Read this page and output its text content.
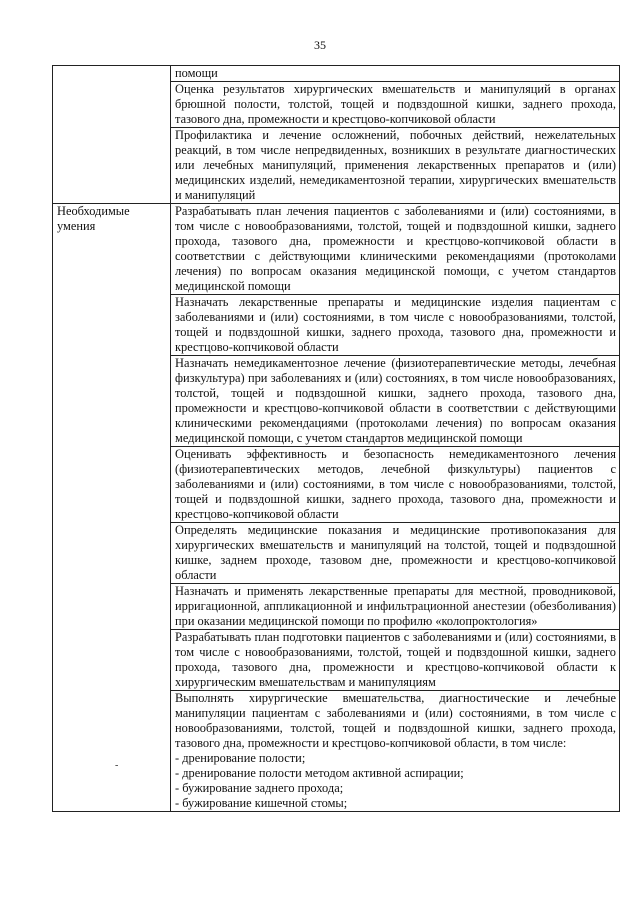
35
	помощи
	Оценка результатов хирургических вмешательств и манипуляций в органах брюшной полости, толстой, тощей и подвздошной кишки, заднего прохода, тазового дна, промежности и крестцово-копчиковой области
	Профилактика и лечение осложнений, побочных действий, нежелательных реакций, в том числе непредвиденных, возникших в результате диагностических или лечебных манипуляций, применения лекарственных препаратов и (или) медицинских изделий, немедикаментозной терапии, хирургических вмешательств и манипуляций
Необходимые умения	Разрабатывать план лечения пациентов с заболеваниями и (или) состояниями, в том числе с новообразованиями, толстой, тощей и подвздошной кишки, заднего прохода, тазового дна, промежности и крестцово-копчиковой области в соответствии с действующими клиническими рекомендациями (протоколами лечения) по вопросам оказания медицинской помощи, с учетом стандартов медицинской помощи
	Назначать лекарственные препараты и медицинские изделия пациентам с заболеваниями и (или) состояниями, в том числе с новообразованиями, толстой, тощей и подвздошной кишки, заднего прохода, тазового дна, промежности и крестцово-копчиковой области
	Назначать немедикаментозное лечение (физиотерапевтические методы, лечебная физкультура) при заболеваниях и (или) состояниях, в том числе новообразованиях, толстой, тощей и подвздошной кишки, заднего прохода, тазового дна, промежности и крестцово-копчиковой области в соответствии с действующими клиническими рекомендациями (протоколами лечения) по вопросам оказания медицинской помощи, с учетом стандартов медицинской помощи
	Оценивать эффективность и безопасность немедикаментозного лечения (физиотерапевтических методов, лечебной физкультуры) пациентов с заболеваниями и (или) состояниями, в том числе с новообразованиями, толстой, тощей и подвздошной кишки, заднего прохода, тазового дна, промежности и крестцово-копчиковой области
	Определять медицинские показания и медицинские противопоказания для хирургических вмешательств и манипуляций на толстой, тощей и подвздошной кишке, заднем проходе, тазовом дне, промежности и крестцово-копчиковой области
	Назначать и применять лекарственные препараты для местной, проводниковой, ирригационной, аппликационной и инфильтрационной анестезии (обезболивания) при оказании медицинской помощи по профилю «колопроктология»
	Разрабатывать план подготовки пациентов с заболеваниями и (или) состояниями, в том числе с новообразованиями, толстой, тощей и подвздошной кишки, заднего прохода, тазового дна, промежности и крестцово-копчиковой области к хирургическим вмешательствам и манипуляциям

	Выполнять хирургические вмешательства, диагностические и лечебные манипуляции пациентам с заболеваниями и (или) состояниями, в том числе с новообразованиями, толстой, тощей и подвздошной кишки, заднего прохода, тазового дна, промежности и крестцово-копчиковой области, в том числе:
- дренирование полости;
- дренирование полости методом активной аспирации;
- бужирование заднего прохода;
- бужирование кишечной стомы;
-
